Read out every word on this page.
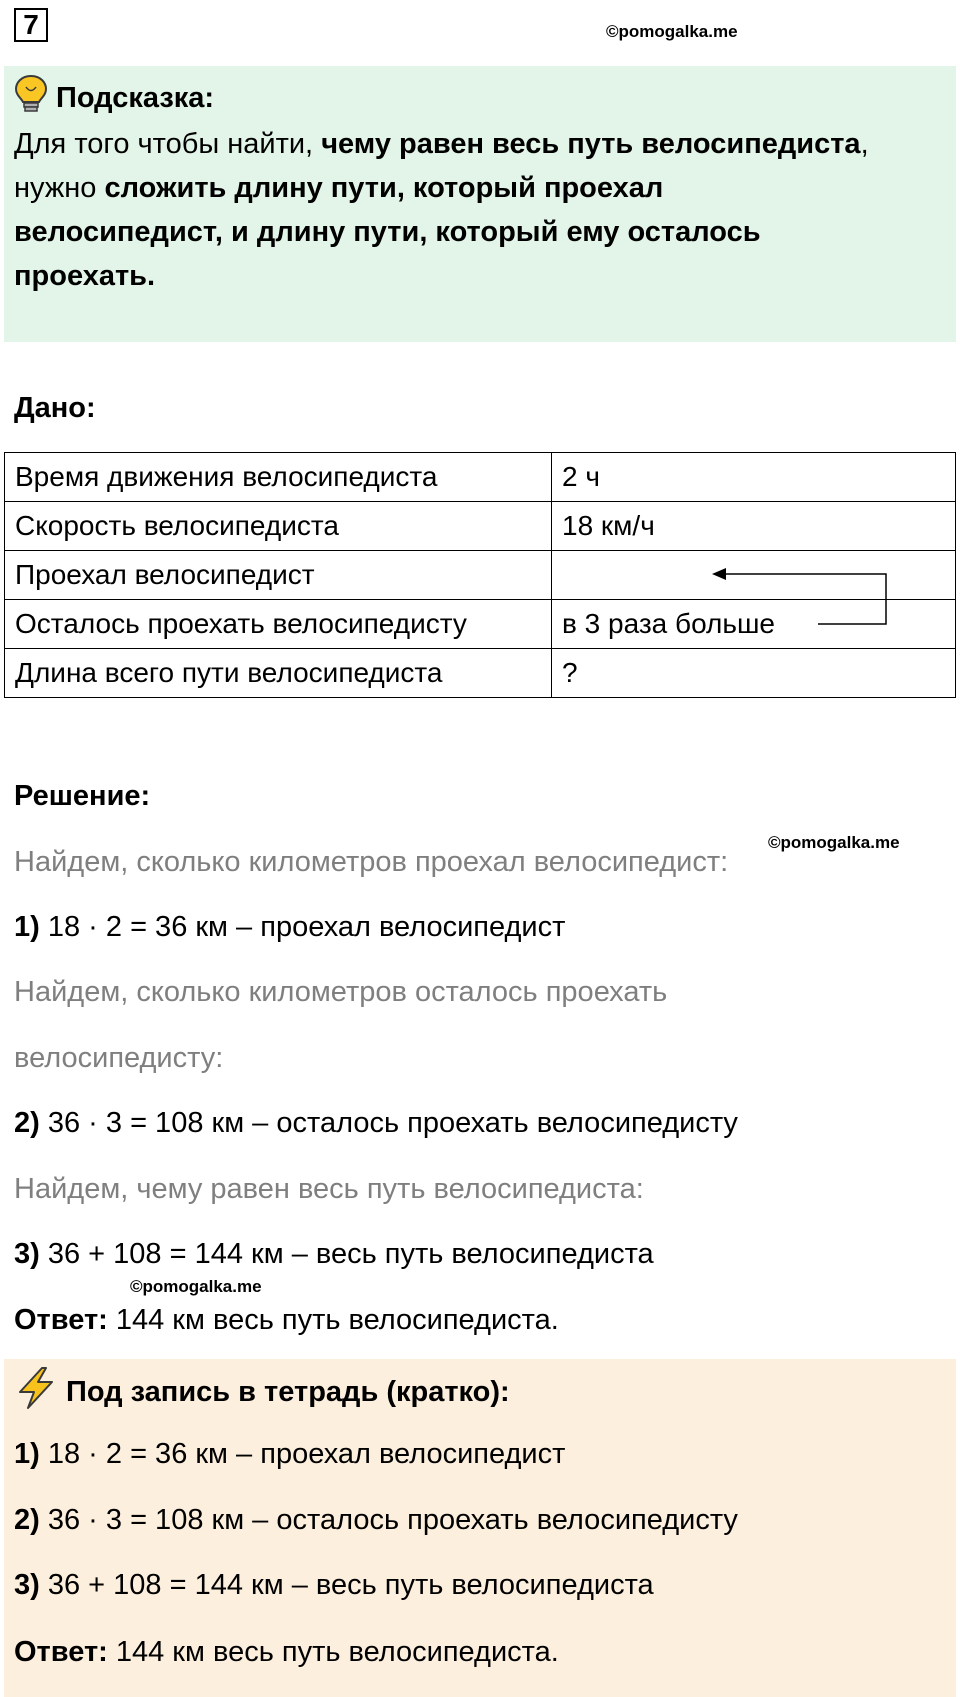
7	©pomogalka.me
Подсказка:
Для того чтобы найти, чему равен весь путь велосипедиста,
нужно сложить длину пути, который проехал
велосипедист, и длину пути, который ему осталось
проехать.
Дано:
Время движения велосипедиста	2 ч
Скорость велосипедиста	18 км/ч
Проехал велосипедист	
Осталось проехать велосипедисту	в 3 раза больше
Длина всего пути велосипедиста	?
Решение:
©pomogalka.me
Найдем, сколько километров проехал велосипедист:
1) 18 · 2 = 36 км – проехал велосипедист
Найдем, сколько километров осталось проехать
велосипедисту:
2) 36 · 3 = 108 км – осталось проехать велосипедисту
Найдем, чему равен весь путь велосипедиста:
3) 36 + 108 = 144 км – весь путь велосипедиста
©pomogalka.me
Ответ: 144 км весь путь велосипедиста.
Под запись в тетрадь (кратко):
1) 18 · 2 = 36 км – проехал велосипедист
2) 36 · 3 = 108 км – осталось проехать велосипедисту
3) 36 + 108 = 144 км – весь путь велосипедиста
Ответ: 144 км весь путь велосипедиста.
